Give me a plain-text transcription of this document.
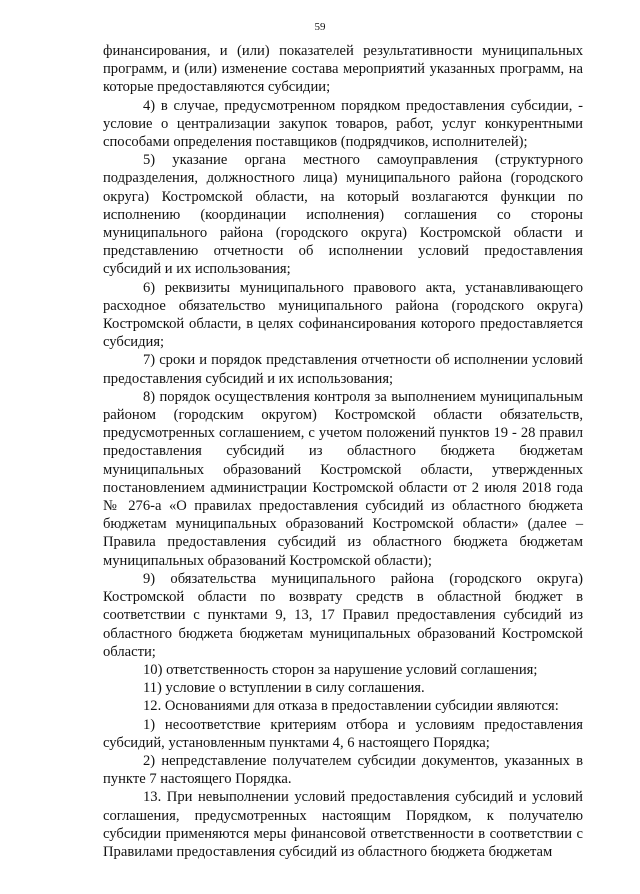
59

финансирования, и (или) показателей результативности муниципальных программ, и (или) изменение состава мероприятий указанных программ, на которые предоставляются субсидии;

4) в случае, предусмотренном порядком предоставления субсидии, - условие о централизации закупок товаров, работ, услуг конкурентными способами определения поставщиков (подрядчиков, исполнителей);

5) указание органа местного самоуправления (структурного подразделения, должностного лица) муниципального района (городского округа) Костромской области, на который возлагаются функции по исполнению (координации исполнения) соглашения со стороны муниципального района (городского округа) Костромской области и представлению отчетности об исполнении условий предоставления субсидий и их использования;

6) реквизиты муниципального правового акта, устанавливающего расходное обязательство муниципального района (городского округа) Костромской области, в целях софинансирования которого предоставляется субсидия;

7) сроки и порядок представления отчетности об исполнении условий предоставления субсидий и их использования;

8) порядок осуществления контроля за выполнением муниципальным районом (городским округом) Костромской области обязательств, предусмотренных соглашением, с учетом положений пунктов 19 - 28 правил предоставления субсидий из областного бюджета бюджетам муниципальных образований Костромской области, утвержденных постановлением администрации Костромской области от 2 июля 2018 года № 276-а «О правилах предоставления субсидий из областного бюджета бюджетам муниципальных образований Костромской области» (далее – Правила предоставления субсидий из областного бюджета бюджетам муниципальных образований Костромской области);

9) обязательства муниципального района (городского округа) Костромской области по возврату средств в областной бюджет в соответствии с пунктами 9, 13, 17 Правил предоставления субсидий из областного бюджета бюджетам муниципальных образований Костромской области;

10) ответственность сторон за нарушение условий соглашения;

11) условие о вступлении в силу соглашения.

12. Основаниями для отказа в предоставлении субсидии являются:

1) несоответствие критериям отбора и условиям предоставления субсидий, установленным пунктами 4, 6 настоящего Порядка;

2) непредставление получателем субсидии документов, указанных в пункте 7 настоящего Порядка.

13. При невыполнении условий предоставления субсидий и условий соглашения, предусмотренных настоящим Порядком, к получателю субсидии применяются меры финансовой ответственности в соответствии с Правилами предоставления субсидий из областного бюджета бюджетам
